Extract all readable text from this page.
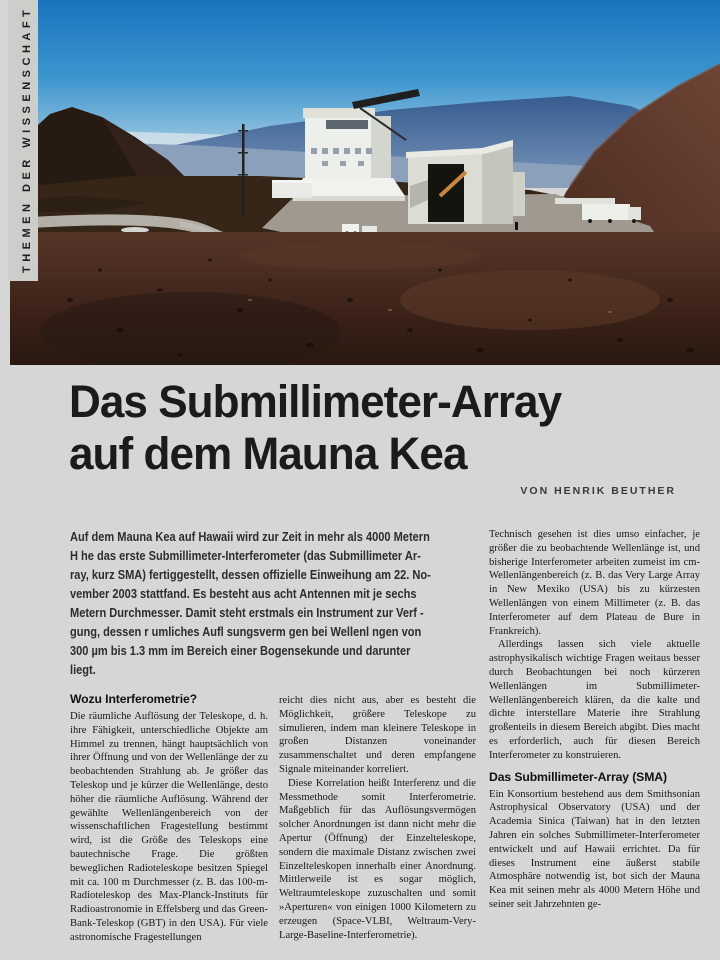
THEMEN DER WISSENSCHAFT
Das Submillimeter-Array
auf dem Mauna Kea
VON HENRIK BEUTHER
Auf dem Mauna Kea auf Hawaii wird zur Zeit in mehr als 4000 Metern
H he das erste Submillimeter-Interferometer (das Submillimeter Ar-
ray, kurz SMA) fertiggestellt, dessen offizielle Einweihung am 22. No-
vember 2003 stattfand. Es besteht aus acht Antennen mit je sechs
Metern Durchmesser. Damit steht erstmals ein Instrument zur Verf -
gung, dessen r umliches Aufl sungsverm gen bei Wellenl ngen von
300 µm bis 1.3 mm im Bereich einer Bogensekunde und darunter
liegt.
Wozu Interferometrie?

Die räumliche Auflösung der Teleskope, d. h. ihre Fähigkeit, unterschiedliche Objekte am Himmel zu trennen, hängt hauptsächlich von ihrer Öffnung und von der Wellenlänge der zu beobachtenden Strahlung ab. Je größer das Teleskop und je kürzer die Wellenlänge, desto höher die räumliche Auflösung. Während der gewählte Wellenlängenbereich von der wissenschaftlichen Fragestellung bestimmt wird, ist die Größe des Teleskops eine bautechnische Frage. Die größten beweglichen Radioteleskope besitzen Spiegel mit ca. 100 m Durchmesser (z. B. das 100-m-Radioteleskop des Max-Planck-Instituts für Radioastronomie in Effelsberg und das Green-Bank-Teleskop (GBT) in den USA). Für viele astronomische Fragestellungen

reicht dies nicht aus, aber es besteht die Möglichkeit, größere Teleskope zu simulieren, indem man kleinere Teleskope in großen Distanzen voneinander zusammenschaltet und deren empfangene Signale miteinander korreliert.

Diese Korrelation heißt Interferenz und die Messmethode somit Interferometrie. Maßgeblich für das Auflösungsvermögen solcher Anordnungen ist dann nicht mehr die Apertur (Öffnung) der Einzelteleskope, sondern die maximale Distanz zwischen zwei Einzelteleskopen innerhalb einer Anordnung. Mittlerweile ist es sogar möglich, Weltraumteleskope zuzuschalten und somit »Aperturen« von einigen 1000 Kilometern zu erzeugen (Space-VLBI, Weltraum-Very-Large-Baseline-Interferometrie).

Technisch gesehen ist dies umso einfacher, je größer die zu beobachtende Wellenlänge ist, und bisherige Interferometer arbeiten zumeist im cm-Wellenlängenbereich (z. B. das Very Large Array in New Mexiko (USA) bis zu kürzesten Wellenlängen von einem Millimeter (z. B. das Interferometer auf dem Plateau de Bure in Frankreich).

Allerdings lassen sich viele aktuelle astrophysikalisch wichtige Fragen weitaus besser durch Beobachtungen bei noch kürzeren Wellenlängen im Submillimeter-Wellenlängenbereich klären, da die kalte und dichte interstellare Materie ihre Strahlung großenteils in diesem Bereich abgibt. Dies macht es erforderlich, auch für diesen Bereich Interferometer zu konstruieren.

Das Submillimeter-Array (SMA)

Ein Konsortium bestehend aus dem Smithsonian Astrophysical Observatory (USA) und der Academia Sinica (Taiwan) hat in den letzten Jahren ein solches Submillimeter-Interferometer entwickelt und auf Hawaii errichtet. Da für dieses Instrument eine äußerst stabile Atmosphäre notwendig ist, bot sich der Mauna Kea mit seinen mehr als 4000 Metern Höhe und seiner seit Jahrzehnten ge-
